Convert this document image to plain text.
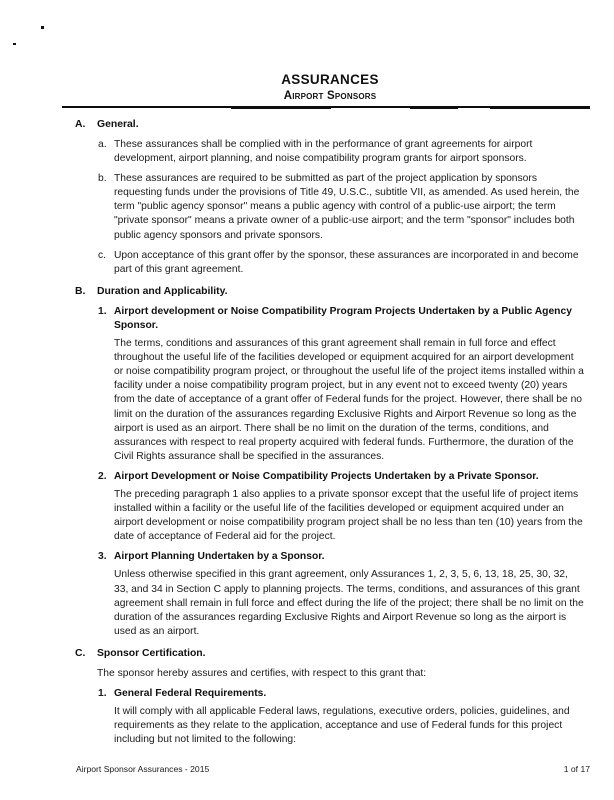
ASSURANCES
Airport Sponsors
A.	General.
a. These assurances shall be complied with in the performance of grant agreements for airport development, airport planning, and noise compatibility program grants for airport sponsors.
b. These assurances are required to be submitted as part of the project application by sponsors requesting funds under the provisions of Title 49, U.S.C., subtitle VII, as amended. As used herein, the term "public agency sponsor" means a public agency with control of a public-use airport; the term "private sponsor" means a private owner of a public-use airport; and the term "sponsor" includes both public agency sponsors and private sponsors.
c. Upon acceptance of this grant offer by the sponsor, these assurances are incorporated in and become part of this grant agreement.
B.	Duration and Applicability.
1. Airport development or Noise Compatibility Program Projects Undertaken by a Public Agency Sponsor.
The terms, conditions and assurances of this grant agreement shall remain in full force and effect throughout the useful life of the facilities developed or equipment acquired for an airport development or noise compatibility program project, or throughout the useful life of the project items installed within a facility under a noise compatibility program project, but in any event not to exceed twenty (20) years from the date of acceptance of a grant offer of Federal funds for the project. However, there shall be no limit on the duration of the assurances regarding Exclusive Rights and Airport Revenue so long as the airport is used as an airport. There shall be no limit on the duration of the terms, conditions, and assurances with respect to real property acquired with federal funds. Furthermore, the duration of the Civil Rights assurance shall be specified in the assurances.
2. Airport Development or Noise Compatibility Projects Undertaken by a Private Sponsor.
The preceding paragraph 1 also applies to a private sponsor except that the useful life of project items installed within a facility or the useful life of the facilities developed or equipment acquired under an airport development or noise compatibility program project shall be no less than ten (10) years from the date of acceptance of Federal aid for the project.
3. Airport Planning Undertaken by a Sponsor.
Unless otherwise specified in this grant agreement, only Assurances 1, 2, 3, 5, 6, 13, 18, 25, 30, 32, 33, and 34 in Section C apply to planning projects. The terms, conditions, and assurances of this grant agreement shall remain in full force and effect during the life of the project; there shall be no limit on the duration of the assurances regarding Exclusive Rights and Airport Revenue so long as the airport is used as an airport.
C.	Sponsor Certification.
The sponsor hereby assures and certifies, with respect to this grant that:
1. General Federal Requirements.
It will comply with all applicable Federal laws, regulations, executive orders, policies, guidelines, and requirements as they relate to the application, acceptance and use of Federal funds for this project including but not limited to the following:
Airport Sponsor Assurances - 2015	1 of 17
